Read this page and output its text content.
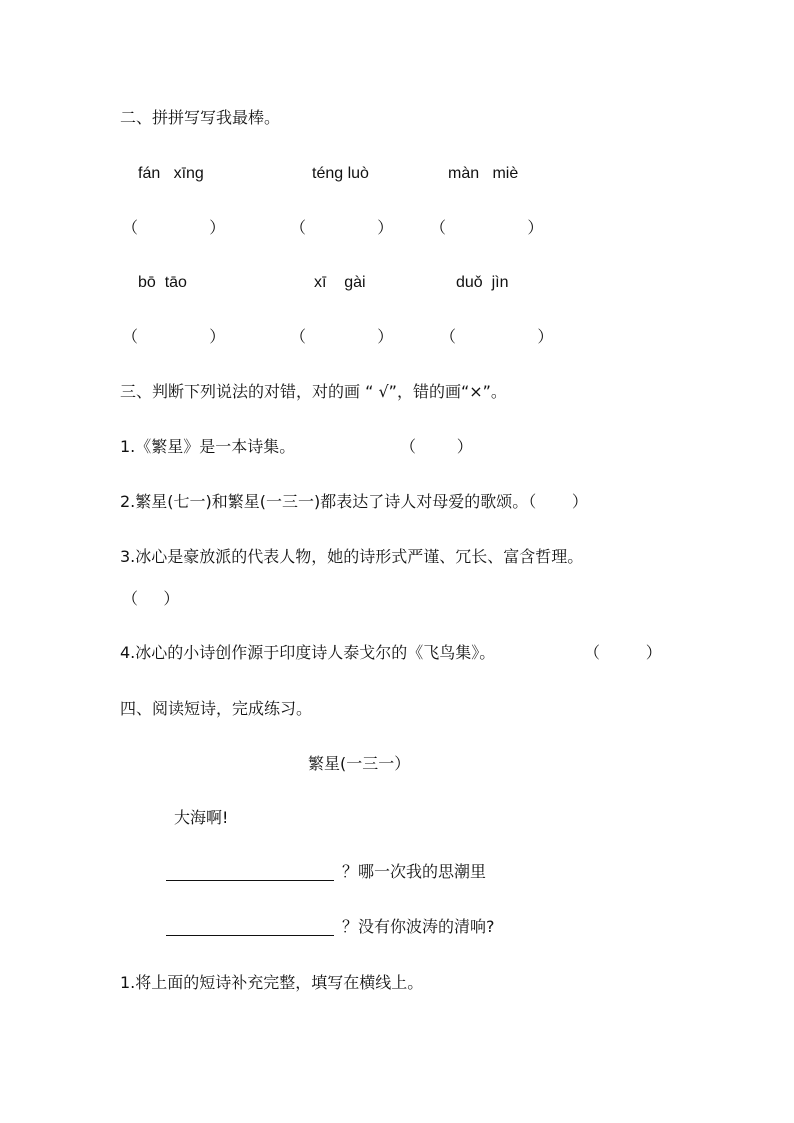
二、拼拼写写我最棒。
fán   xīng	téng luò	màn   miè
（              ）	（              ） （                ）
bō  tāo	xī    gài	duǒ  jìn
（              ）	（              ）	（                ）
三、判断下列说法的对错，对的画 “ √”，错的画“×”。
1.《繁星》是一本诗集。	（        ）
2.繁星(七一)和繁星(一三一)都表达了诗人对母爱的歌颂。（       ）
3.冰心是豪放派的代表人物，她的诗形式严谨、冗长、富含哲理。
（     ）
4.冰心的小诗创作源于印度诗人泰戈尔的《飞鸟集》。	（         ）
四、阅读短诗，完成练习。
繁星(一三一）
大海啊!
？哪一次我的思潮里
？没有你波涛的清响?
1.将上面的短诗补充完整，填写在横线上。
